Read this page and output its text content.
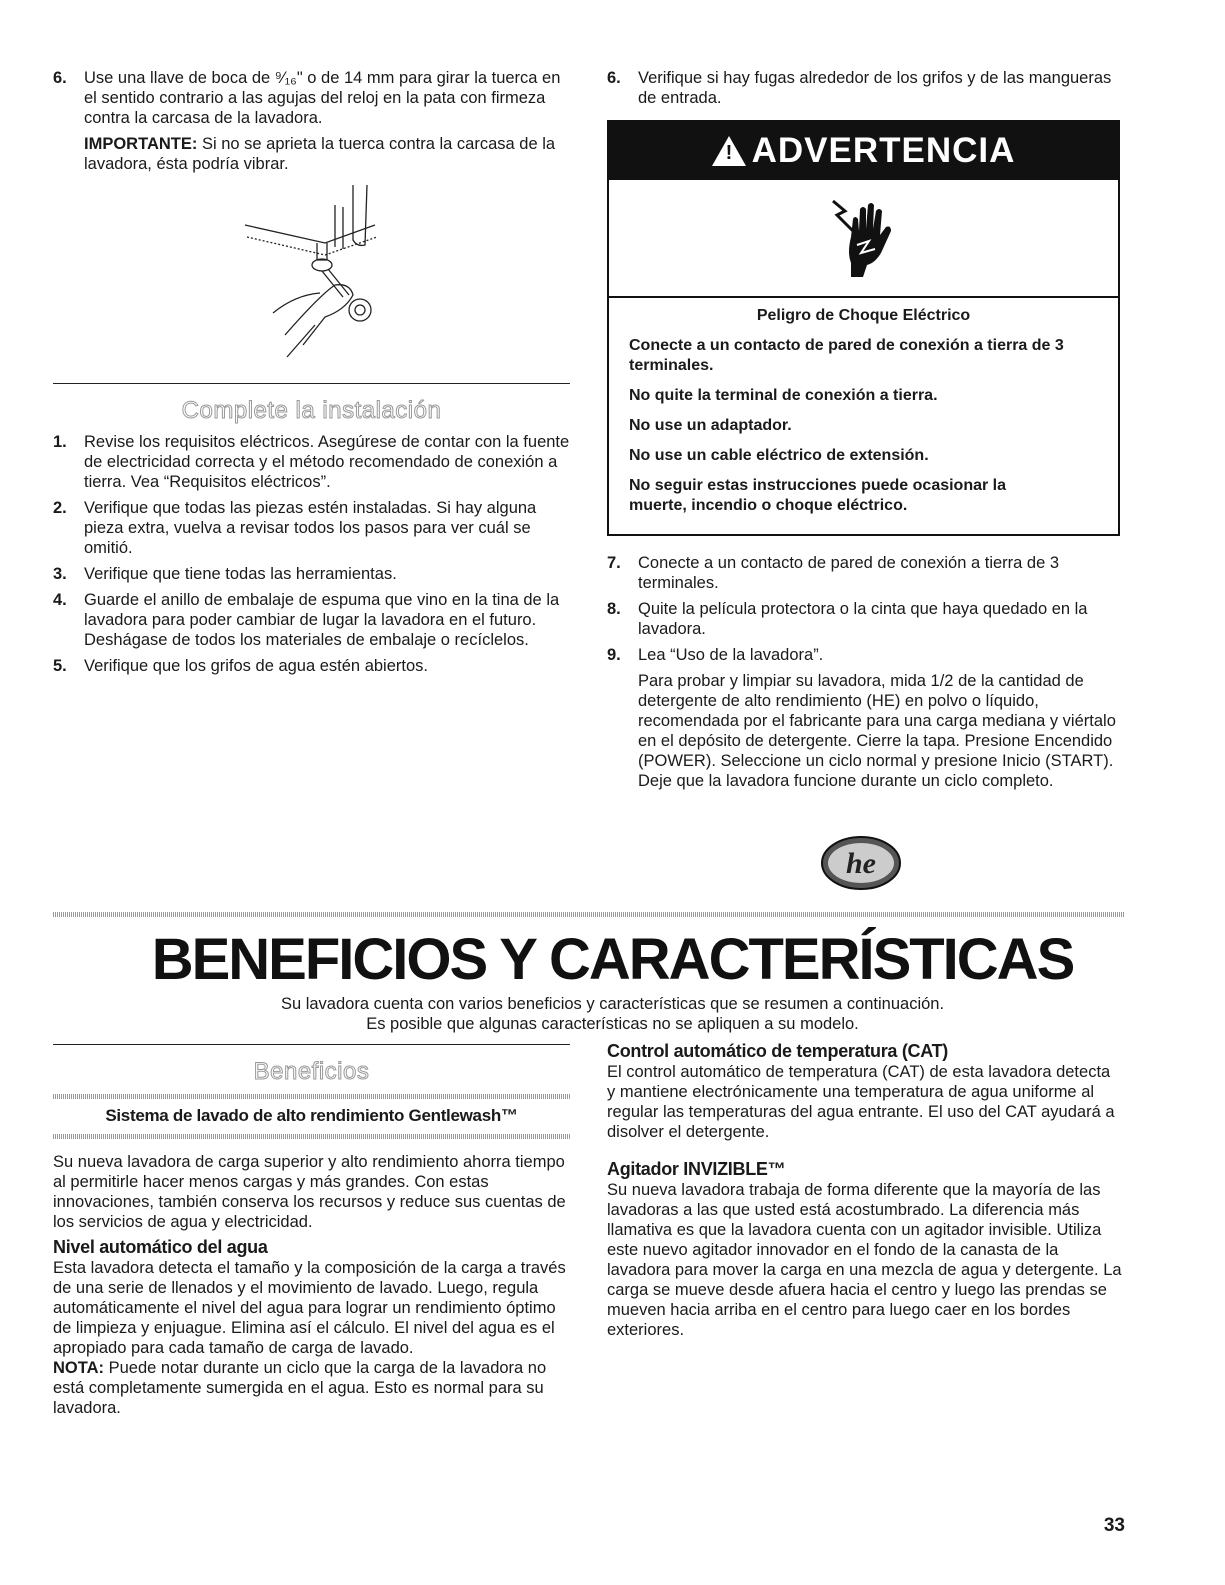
6. Use una llave de boca de ⁹⁄₁₆" o de 14 mm para girar la tuerca en el sentido contrario a las agujas del reloj en la pata con firmeza contra la carcasa de la lavadora.

IMPORTANTE: Si no se aprieta la tuerca contra la carcasa de la lavadora, ésta podría vibrar.

Complete la instalación
1. Revise los requisitos eléctricos. Asegúrese de contar con la fuente de electricidad correcta y el método recomendado de conexión a tierra. Vea “Requisitos eléctricos”.
2. Verifique que todas las piezas estén instaladas. Si hay alguna pieza extra, vuelva a revisar todos los pasos para ver cuál se omitió.
3. Verifique que tiene todas las herramientas.
4. Guarde el anillo de embalaje de espuma que vino en la tina de la lavadora para poder cambiar de lugar la lavadora en el futuro. Deshágase de todos los materiales de embalaje o recíclelos.
5. Verifique que los grifos de agua estén abiertos.
6. Verifique si hay fugas alrededor de los grifos y de las mangueras de entrada.
! ADVERTENCIA

Peligro de Choque Eléctrico

Conecte a un contacto de pared de conexión a tierra de 3 terminales.

No quite la terminal de conexión a tierra.

No use un adaptador.

No use un cable eléctrico de extensión.

No seguir estas instrucciones puede ocasionar la muerte, incendio o choque eléctrico.

7. Conecte a un contacto de pared de conexión a tierra de 3 terminales.
8. Quite la película protectora o la cinta que haya quedado en la lavadora.
9. Lea “Uso de la lavadora”.

Para probar y limpiar su lavadora, mida 1/2 de la cantidad de detergente de alto rendimiento (HE) en polvo o líquido, recomendada por el fabricante para una carga mediana y viértalo en el depósito de detergente. Cierre la tapa. Presione Encendido (POWER). Seleccione un ciclo normal y presione Inicio (START). Deje que la lavadora funcione durante un ciclo completo.

he
BENEFICIOS Y CARACTERÍSTICAS

Su lavadora cuenta con varios beneficios y características que se resumen a continuación.

Es posible que algunas características no se apliquen a su modelo.

Beneficios

Sistema de lavado de alto rendimiento Gentlewash™

Su nueva lavadora de carga superior y alto rendimiento ahorra tiempo al permitirle hacer menos cargas y más grandes. Con estas innovaciones, también conserva los recursos y reduce sus cuentas de los servicios de agua y electricidad.

Nivel automático del agua

Esta lavadora detecta el tamaño y la composición de la carga a través de una serie de llenados y el movimiento de lavado. Luego, regula automáticamente el nivel del agua para lograr un rendimiento óptimo de limpieza y enjuague. Elimina así el cálculo. El nivel del agua es el apropiado para cada tamaño de carga de lavado.

NOTA: Puede notar durante un ciclo que la carga de la lavadora no está completamente sumergida en el agua. Esto es normal para su lavadora.

Control automático de temperatura (CAT)

El control automático de temperatura (CAT) de esta lavadora detecta y mantiene electrónicamente una temperatura de agua uniforme al regular las temperaturas del agua entrante. El uso del CAT ayudará a disolver el detergente.

Agitador INVIZIBLE™

Su nueva lavadora trabaja de forma diferente que la mayoría de las lavadoras a las que usted está acostumbrado. La diferencia más llamativa es que la lavadora cuenta con un agitador invisible. Utiliza este nuevo agitador innovador en el fondo de la canasta de la lavadora para mover la carga en una mezcla de agua y detergente. La carga se mueve desde afuera hacia el centro y luego las prendas se mueven hacia arriba en el centro para luego caer en los bordes exteriores.

33
